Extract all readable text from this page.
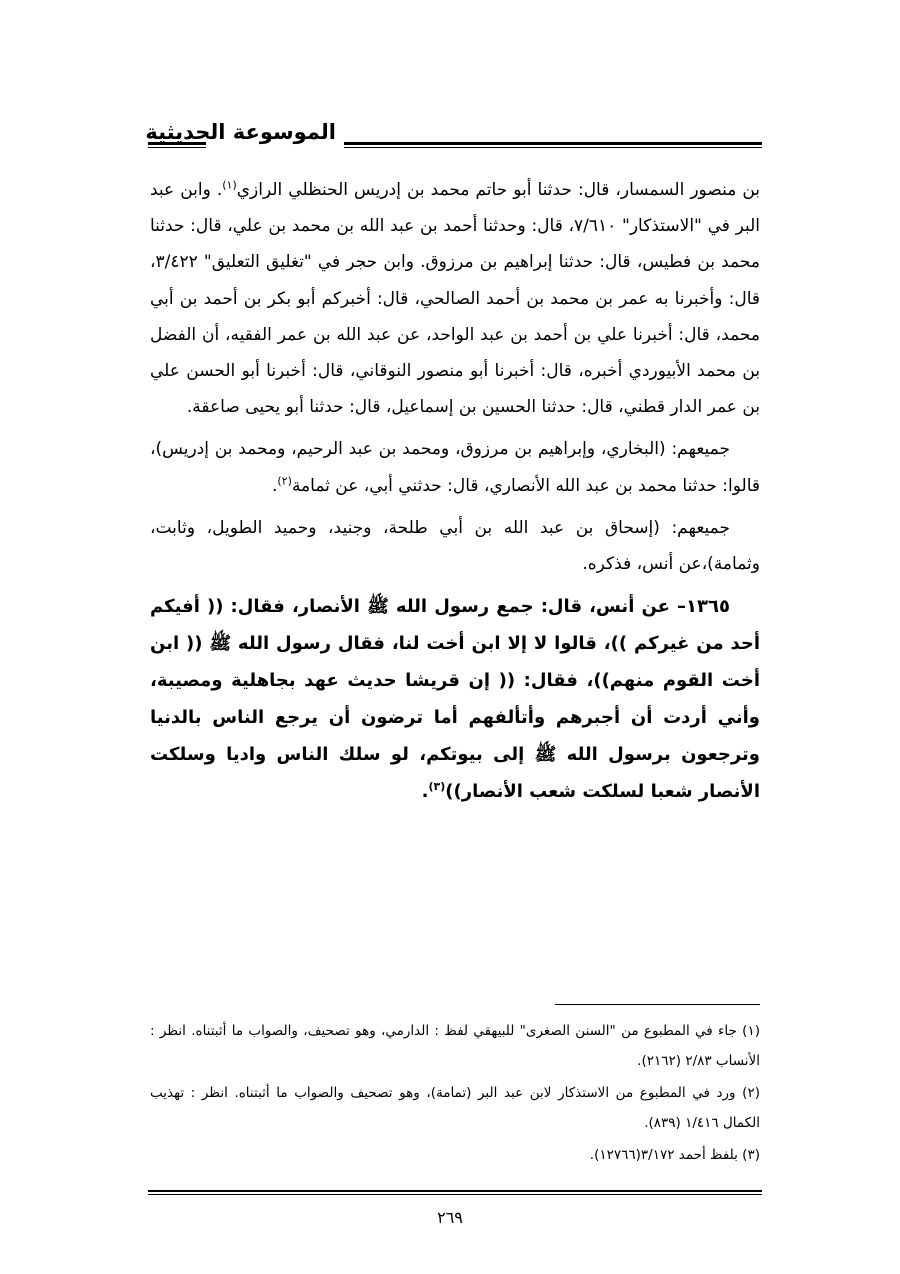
الموسوعة الحديثية

بن منصور السمسار، قال: حدثنا أبو حاتم محمد بن إدريس الحنظلي الرازي$^{(١)}$. وابن عبد البر في "الاستذكار" ٧/٦١٠، قال: وحدثنا أحمد بن عبد الله بن محمد بن علي، قال: حدثنا محمد بن فطيس، قال: حدثنا إبراهيم بن مرزوق. وابن حجر في "تغليق التعليق" ٣/٤٢٢، قال: وأخبرنا به عمر بن محمد بن أحمد الصالحي، قال: أخبركم أبو بكر بن أحمد بن أبي محمد، قال: أخبرنا علي بن أحمد بن عبد الواحد، عن عبد الله بن عمر الفقيه، أن الفضل بن محمد الأبيوردي أخبره، قال: أخبرنا أبو منصور النوقاني، قال: أخبرنا أبو الحسن علي بن عمر الدار قطني، قال: حدثنا الحسين بن إسماعيل، قال: حدثنا أبو يحيى صاعقة.

جميعهم: (البخاري، وإبراهيم بن مرزوق، ومحمد بن عبد الرحيم، ومحمد بن إدريس)، قالوا: حدثنا محمد بن عبد الله الأنصاري، قال: حدثني أبي، عن ثمامة$^{(٢)}$.

جميعهم: (إسحاق بن عبد الله بن أبي طلحة، وجنيد، وحميد الطويل، وثابت، وثمامة)،عن أنس، فذكره.

١٣٦٥– عن أنس، قال: جمع رسول الله ﷺ الأنصار، فقال: (( أفيكم أحد من غيركم ))، قالوا لا إلا ابن أخت لنا، فقال رسول الله ﷺ (( ابن أخت القوم منهم))، فقال: (( إن قريشا حديث عهد بجاهلية ومصيبة، وأني أردت أن أجبرهم وأتألفهم أما ترضون أن يرجع الناس بالدنيا وترجعون برسول الله ﷺ إلى بيوتكم، لو سلك الناس واديا وسلكت الأنصار شعبا لسلكت شعب الأنصار))$^{(٣)}$.

(١) جاء في المطبوع من "السنن الصغرى" للبيهقي لفظ : الدارمي، وهو تصحيف، والصواب ما أثبتناه. انظر : الأنساب ٢/٨٣ (٢١٦٢).
(٢) ورد في المطبوع من الاستذكار لابن عبد البر (تمامة)، وهو تصحيف والصواب ما أثبتناه. انظر : تهذيب الكمال ١/٤١٦ (٨٣٩).
(٣) بلفظ أحمد ٣/١٧٢(١٢٧٦٦).
٢٦٩
